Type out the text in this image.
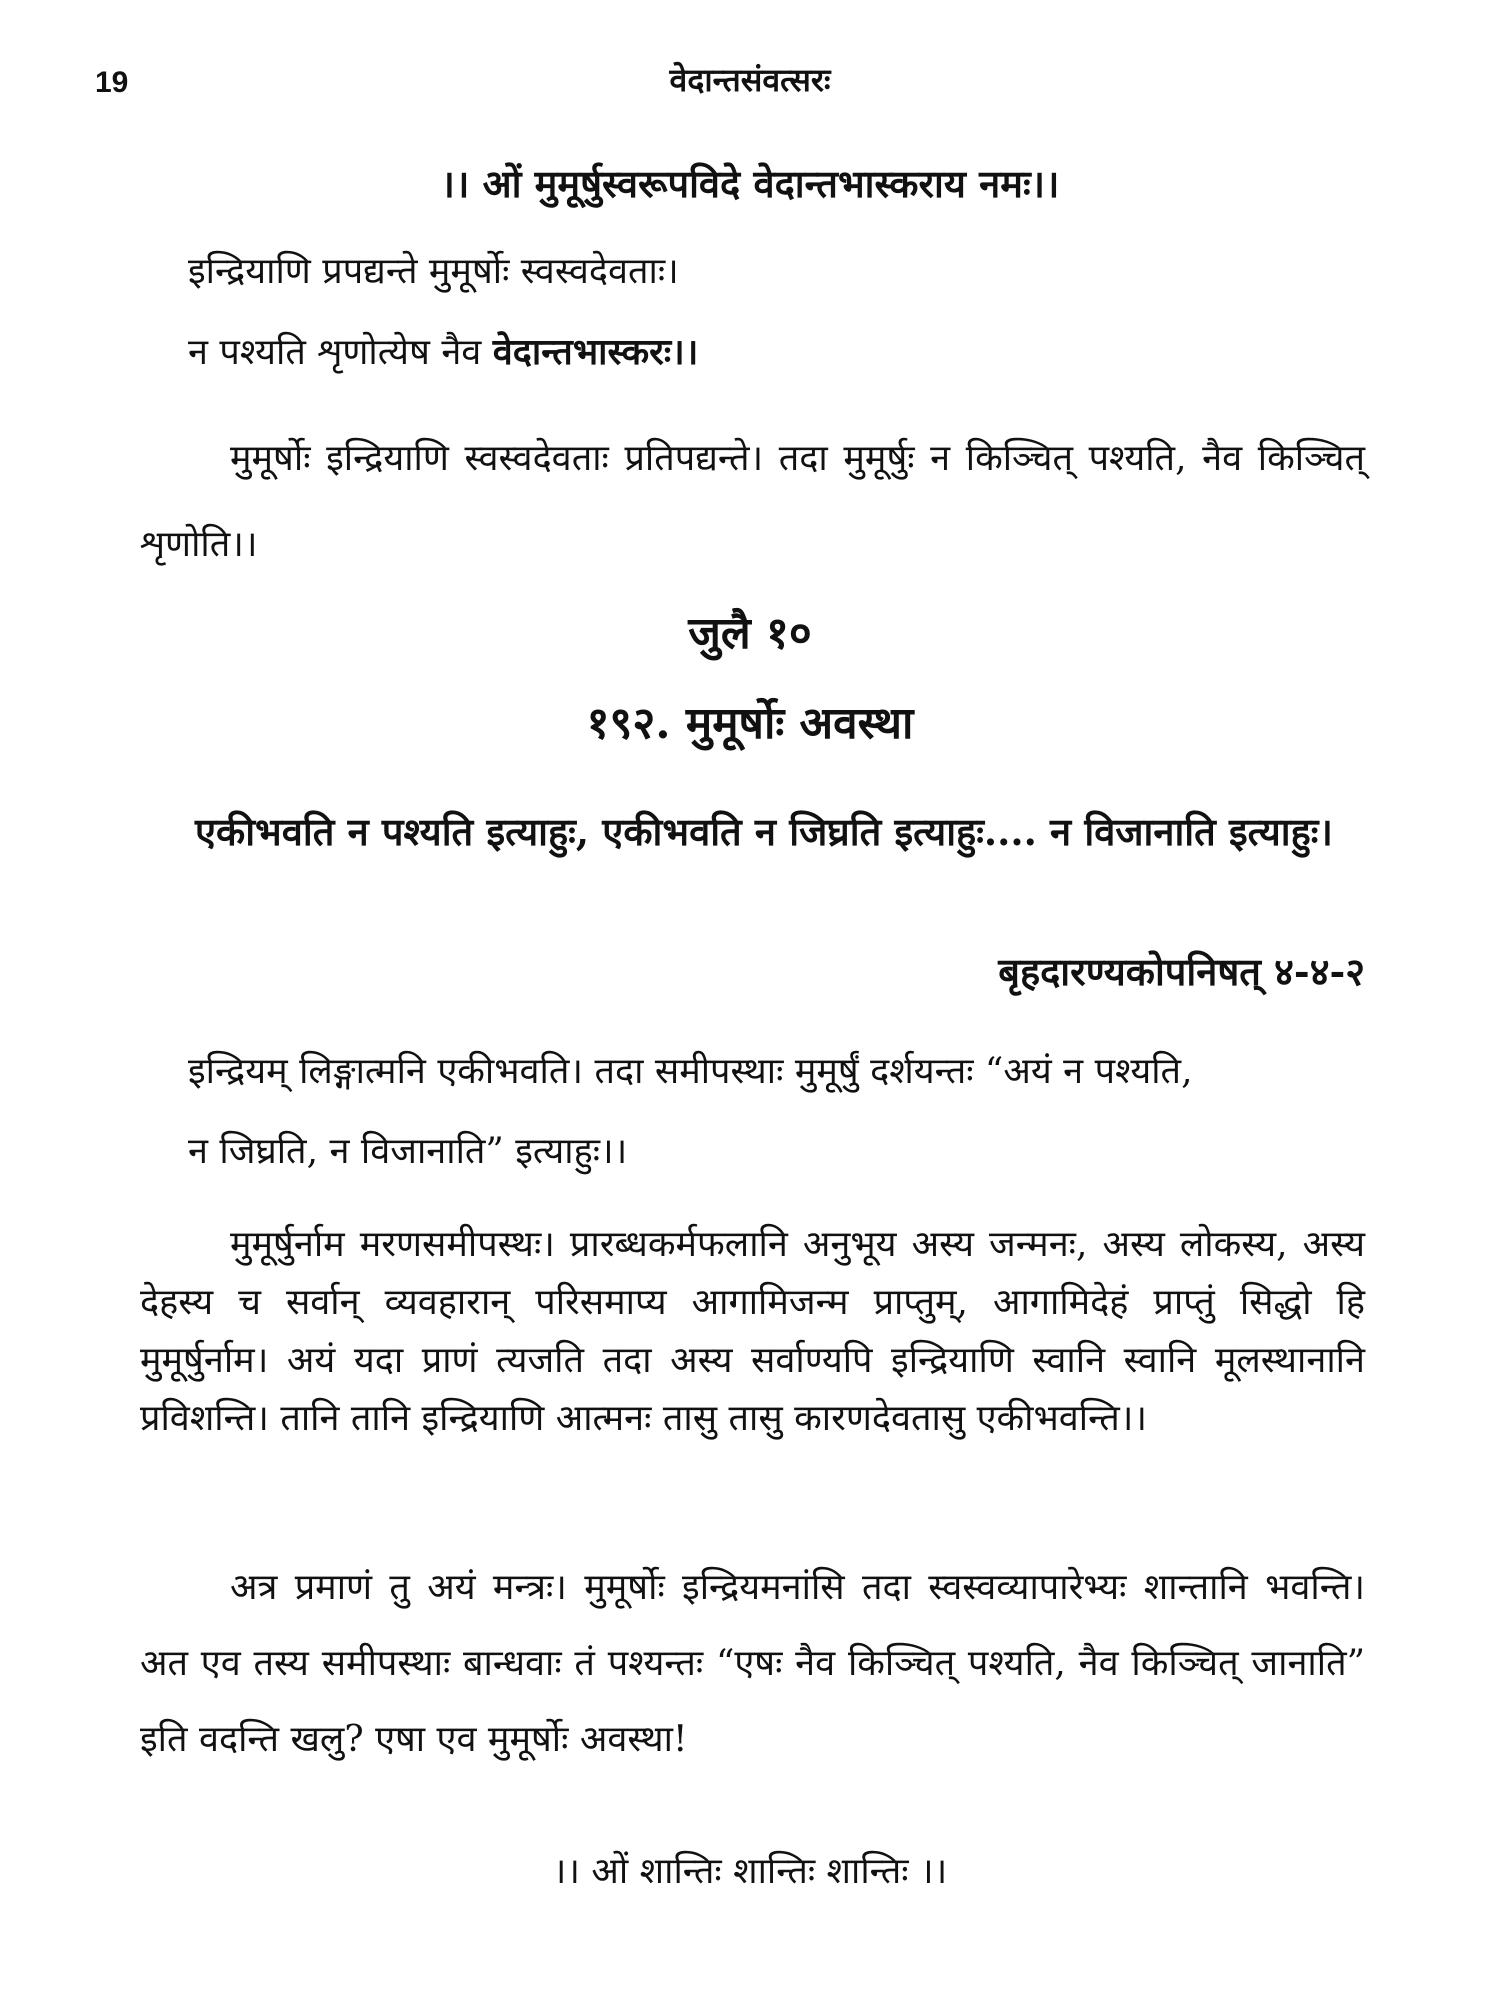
19	वेदान्तसंवत्सरः
।। ओं मुमूर्षुस्वरूपविदे वेदान्तभास्कराय नमः।।
इन्द्रियाणि प्रपद्यन्ते मुमूर्षोः स्वस्वदेवताः।
न पश्यति शृणोत्येष नैव वेदान्तभास्करः।।
मुमूर्षोः इन्द्रियाणि स्वस्वदेवताः प्रतिपद्यन्ते। तदा मुमूर्षुः न किञ्चित् पश्यति, नैव किञ्चित् शृणोति।।
जुलै १०
१९२. मुमूर्षोः अवस्था
एकीभवति न पश्यति इत्याहुः, एकीभवति न जिघ्रति इत्याहुः.... न विजानाति इत्याहुः।
बृहदारण्यकोपनिषत् ४-४-२
इन्द्रियम् लिङ्गात्मनि एकीभवति। तदा समीपस्थाः मुमूर्षुं दर्शयन्तः “अयं न पश्यति,
न जिघ्रति, न विजानाति” इत्याहुः।।
मुमूर्षुर्नाम मरणसमीपस्थः। प्रारब्धकर्मफलानि अनुभूय अस्य जन्मनः, अस्य लोकस्य, अस्य देहस्य च सर्वान् व्यवहारान् परिसमाप्य आगामिजन्म प्राप्तुम्, आगामिदेहं प्राप्तुं सिद्धो हि मुमूर्षुर्नाम। अयं यदा प्राणं त्यजति तदा अस्य सर्वाण्यपि इन्द्रियाणि स्वानि स्वानि मूलस्थानानि प्रविशन्ति। तानि तानि इन्द्रियाणि आत्मनः तासु तासु कारणदेवतासु एकीभवन्ति।।
अत्र प्रमाणं तु अयं मन्त्रः। मुमूर्षोः इन्द्रियमनांसि तदा स्वस्वव्यापारेभ्यः शान्तानि भवन्ति। अत एव तस्य समीपस्थाः बान्धवाः तं पश्यन्तः “एषः नैव किञ्चित् पश्यति, नैव किञ्चित् जानाति” इति वदन्ति खलु? एषा एव मुमूर्षोः अवस्था!
।। ओं शान्तिः शान्तिः शान्तिः ।।
